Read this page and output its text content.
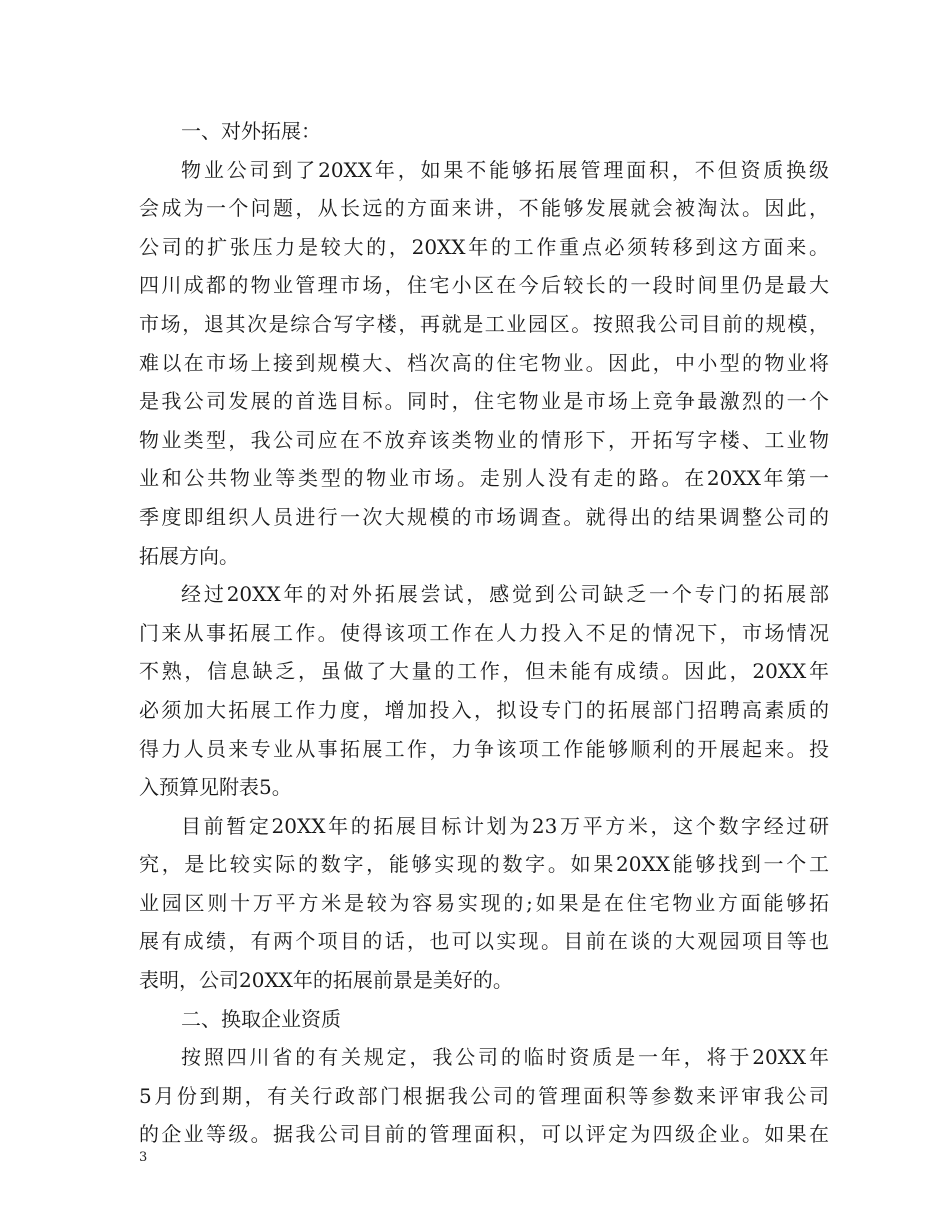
一、对外拓展：
物业公司到了20XX年，如果不能够拓展管理面积，不但资质换级
会成为一个问题，从长远的方面来讲，不能够发展就会被淘汰。因此，
公司的扩张压力是较大的，20XX年的工作重点必须转移到这方面来。
四川成都的物业管理市场，住宅小区在今后较长的一段时间里仍是最大
市场，退其次是综合写字楼，再就是工业园区。按照我公司目前的规模，
难以在市场上接到规模大、档次高的住宅物业。因此，中小型的物业将
是我公司发展的首选目标。同时，住宅物业是市场上竞争最激烈的一个
物业类型，我公司应在不放弃该类物业的情形下，开拓写字楼、工业物
业和公共物业等类型的物业市场。走别人没有走的路。在20XX年第一
季度即组织人员进行一次大规模的市场调查。就得出的结果调整公司的
拓展方向。
经过20XX年的对外拓展尝试，感觉到公司缺乏一个专门的拓展部
门来从事拓展工作。使得该项工作在人力投入不足的情况下，市场情况
不熟，信息缺乏，虽做了大量的工作，但未能有成绩。因此，20XX年
必须加大拓展工作力度，增加投入，拟设专门的拓展部门招聘高素质的
得力人员来专业从事拓展工作，力争该项工作能够顺利的开展起来。投
入预算见附表5。
目前暂定20XX年的拓展目标计划为23万平方米，这个数字经过研
究，是比较实际的数字，能够实现的数字。如果20XX能够找到一个工
业园区则十万平方米是较为容易实现的;如果是在住宅物业方面能够拓
展有成绩，有两个项目的话，也可以实现。目前在谈的大观园项目等也
表明，公司20XX年的拓展前景是美好的。
二、换取企业资质
按照四川省的有关规定，我公司的临时资质是一年，将于20XX年
5月份到期，有关行政部门根据我公司的管理面积等参数来评审我公司
的企业等级。据我公司目前的管理面积，可以评定为四级企业。如果在
3
